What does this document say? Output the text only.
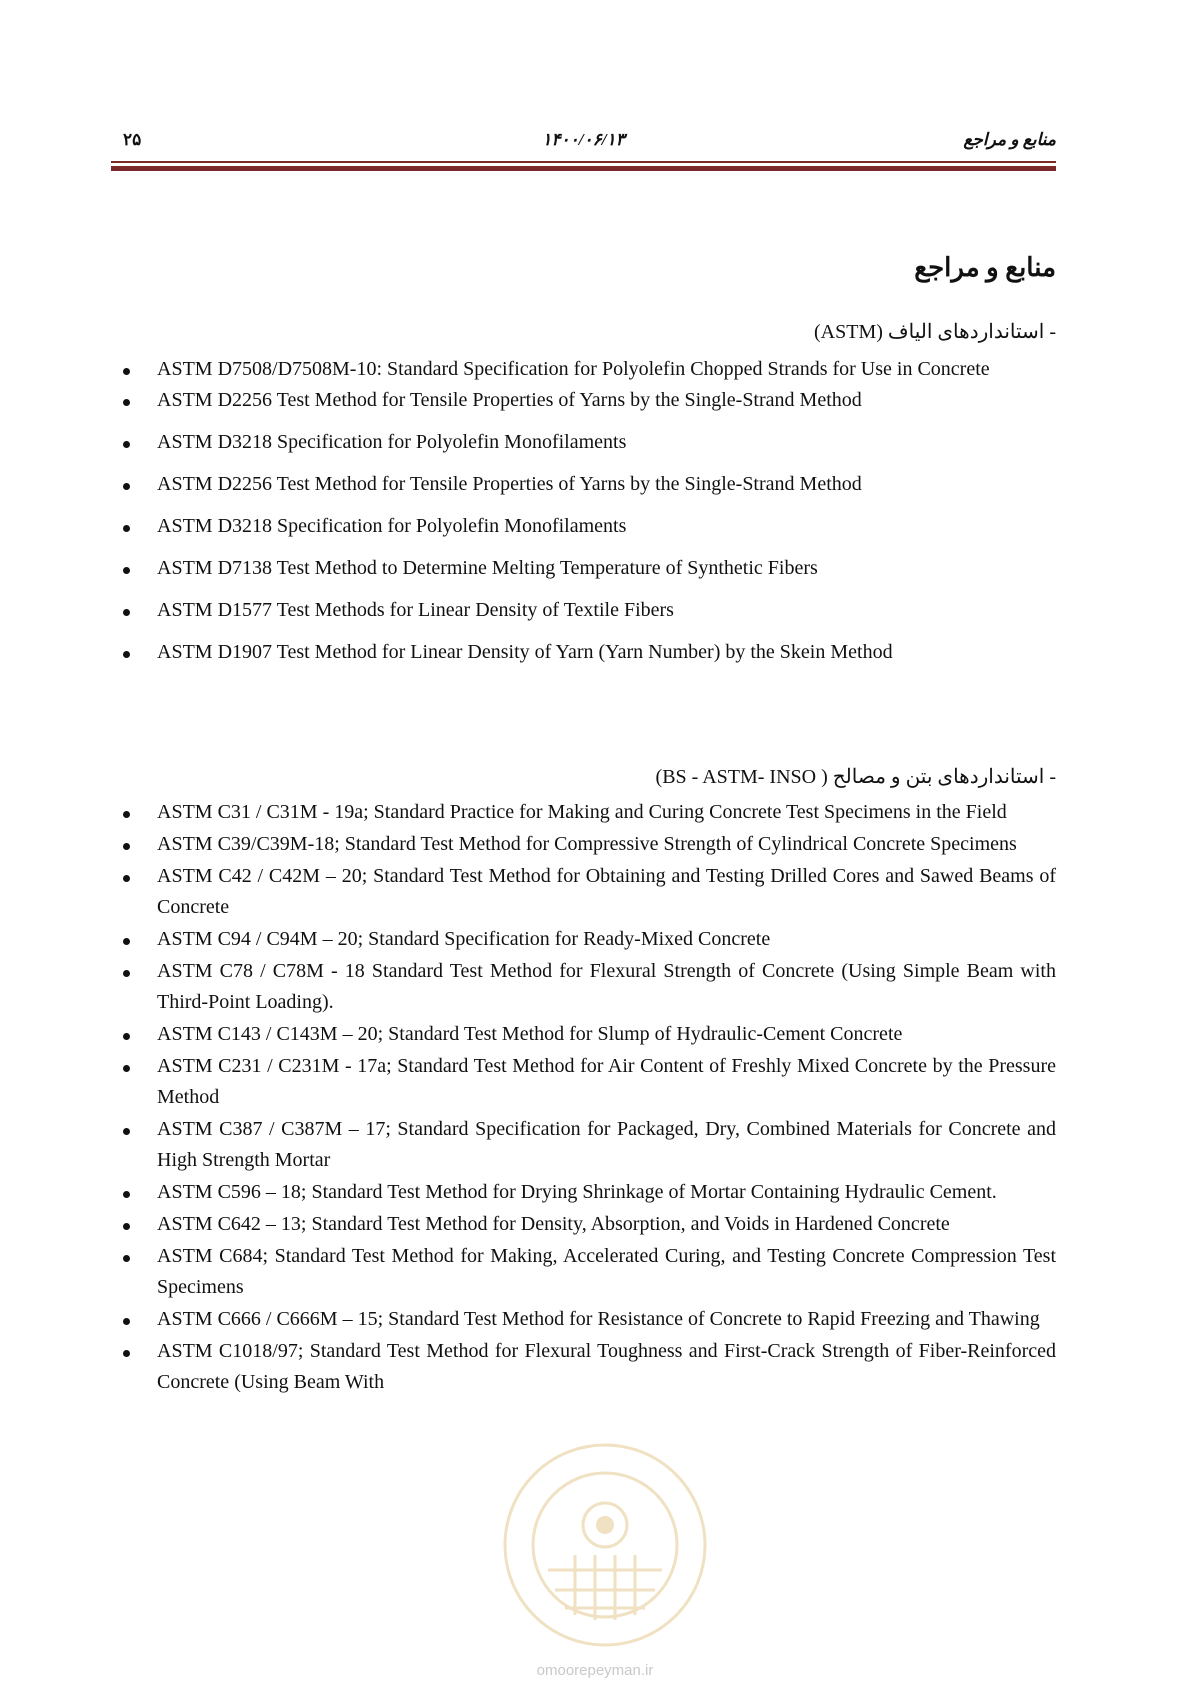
منابع و مراجع
۱۴۰۰/۰۶/۱۳
۲۵
منابع و مراجع
- استانداردهای الیاف (ASTM)
ASTM D7508/D7508M-10: Standard Specification for Polyolefin Chopped Strands for Use in Concrete
ASTM D2256 Test Method for Tensile Properties of Yarns by the Single-Strand Method
ASTM D3218 Specification for Polyolefin Monofilaments
ASTM D2256 Test Method for Tensile Properties of Yarns by the Single-Strand Method
ASTM D3218 Specification for Polyolefin Monofilaments
ASTM D7138 Test Method to Determine Melting Temperature of Synthetic Fibers
ASTM D1577 Test Methods for Linear Density of Textile Fibers
ASTM D1907 Test Method for Linear Density of Yarn (Yarn Number) by the Skein Method
- استانداردهای بتن و مصالح ( BS - ASTM- INSO)
ASTM C31 / C31M - 19a; Standard Practice for Making and Curing Concrete Test Specimens in the Field
ASTM C39/C39M-18; Standard Test Method for Compressive Strength of Cylindrical Concrete Specimens
ASTM C42 / C42M – 20; Standard Test Method for Obtaining and Testing Drilled Cores and Sawed Beams of Concrete
ASTM C94 / C94M – 20; Standard Specification for Ready-Mixed Concrete
ASTM C78 / C78M - 18 Standard Test Method for Flexural Strength of Concrete (Using Simple Beam with Third-Point Loading).
ASTM C143 / C143M – 20; Standard Test Method for Slump of Hydraulic-Cement Concrete
ASTM C231 / C231M - 17a; Standard Test Method for Air Content of Freshly Mixed Concrete by the Pressure Method
ASTM C387 / C387M – 17; Standard Specification for Packaged, Dry, Combined Materials for Concrete and High Strength Mortar
ASTM C596 – 18; Standard Test Method for Drying Shrinkage of Mortar Containing Hydraulic Cement.
ASTM C642 – 13; Standard Test Method for Density, Absorption, and Voids in Hardened Concrete
ASTM C684; Standard Test Method for Making, Accelerated Curing, and Testing Concrete Compression Test Specimens
ASTM C666 / C666M – 15; Standard Test Method for Resistance of Concrete to Rapid Freezing and Thawing
ASTM C1018/97; Standard Test Method for Flexural Toughness and First-Crack Strength of Fiber-Reinforced Concrete (Using Beam With
omoorepeyman.ir
